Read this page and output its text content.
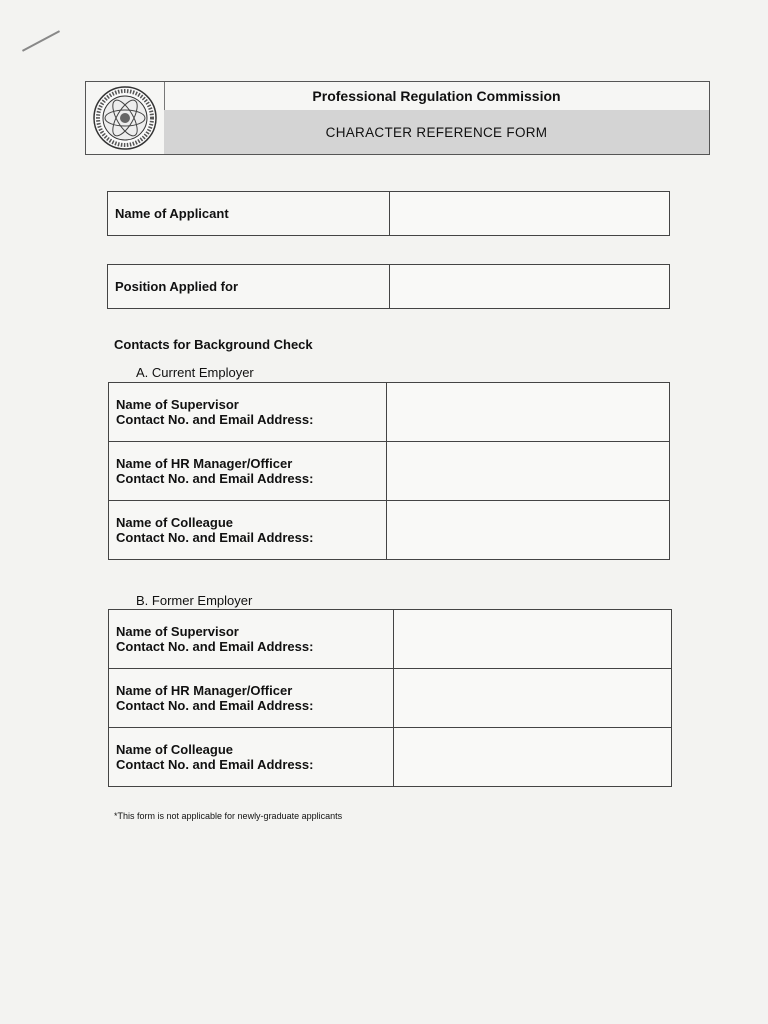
Professional Regulation Commission
CHARACTER REFERENCE FORM
Name of Applicant	
Position Applied for	
Contacts for Background Check
A. Current Employer
Name of Supervisor
Contact No. and Email Address:	

Name of HR Manager/Officer
Contact No. and Email Address:	

Name of Colleague
Contact No. and Email Address:	

B. Former Employer
Name of Supervisor
Contact No. and Email Address:	

Name of HR Manager/Officer
Contact No. and Email Address:	

Name of Colleague
Contact No. and Email Address:	

*This form is not applicable for newly-graduate applicants
